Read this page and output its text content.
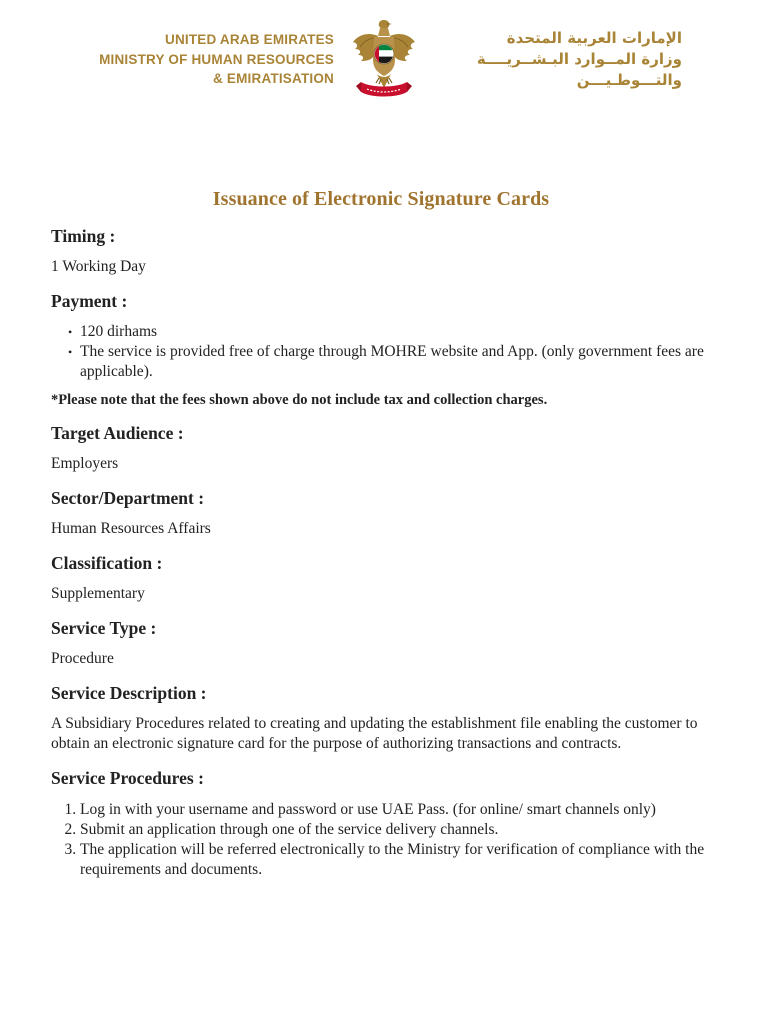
UNITED ARAB EMIRATES
MINISTRY OF HUMAN RESOURCES
& EMIRATISATION
الإمارات العربية المتحدة
وزارة المــوارد البـشــريــــة
والتـــوطـيـــن
Issuance of Electronic Signature Cards
Timing :

1 Working Day

Payment :
• 120 dirhams
• The service is provided free of charge through MOHRE website and App. (only government fees are applicable).

*Please note that the fees shown above do not include tax and collection charges.

Target Audience :

Employers

Sector/Department :

Human Resources Affairs

Classification :

Supplementary

Service Type :

Procedure

Service Description :

A Subsidiary Procedures related to creating and updating the establishment file enabling the customer to obtain an electronic signature card for the purpose of authorizing transactions and contracts.

Service Procedures :
1. Log in with your username and password or use UAE Pass. (for online/ smart channels only)
2. Submit an application through one of the service delivery channels.
3. The application will be referred electronically to the Ministry for verification of compliance with the requirements and documents.
